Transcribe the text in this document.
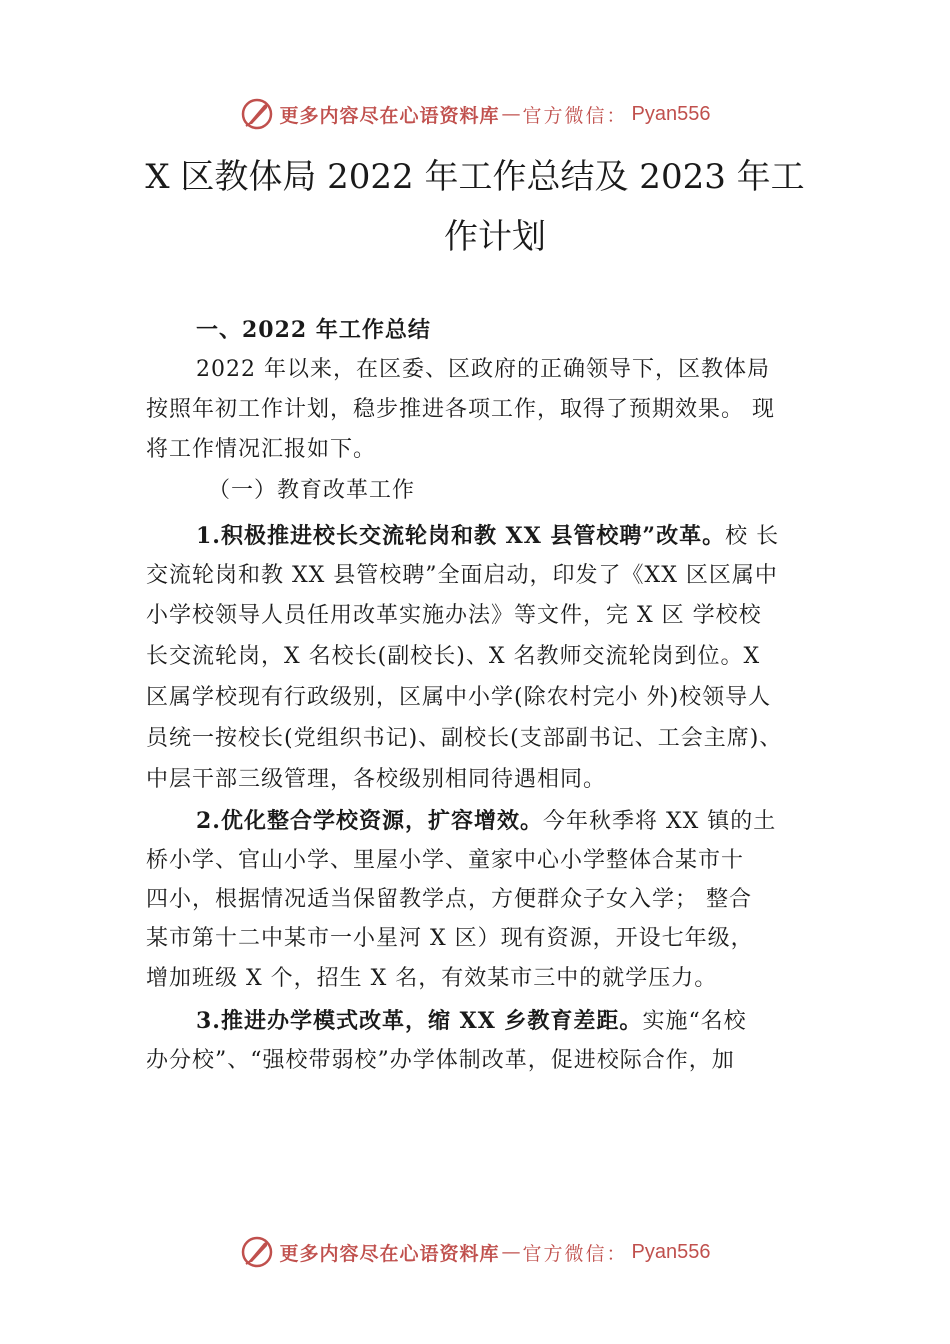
更多内容尽在心语资料库 — 官方微信： Pyan556
X 区教体局 2022 年工作总结及 2023 年工
作计划
一、2022 年工作总结
2022 年以来，在区委、区政府的正确领导下，区教体局
按照年初工作计划，稳步推进各项工作，取得了预期效果。 现
将工作情况汇报如下。
（一）教育改革工作
1.积极推进校长交流轮岗和教 XX 县管校聘”改革。校 长
交流轮岗和教 XX 县管校聘”全面启动，印发了《XX 区区属中
小学校领导人员任用改革实施办法》等文件，完 X 区 学校校
长交流轮岗，X 名校长(副校长)、X 名教师交流轮岗到位。X
区属学校现有行政级别，区属中小学(除农村完小 外)校领导人
员统一按校长(党组织书记)、副校长(支部副书记、工会主席)、
中层干部三级管理，各校级别相同待遇相同。
2.优化整合学校资源，扩容增效。今年秋季将 XX 镇的土
桥小学、官山小学、里屋小学、童家中心小学整体合某市十
四小，根据情况适当保留教学点，方便群众子女入学； 整合
某市第十二中某市一小星河 X 区）现有资源，开设七年级，
增加班级 X 个，招生 X 名，有效某市三中的就学压力。
3.推进办学模式改革，缩 XX 乡教育差距。实施“名校
办分校”、“强校带弱校”办学体制改革，促进校际合作，加
更多内容尽在心语资料库 — 官方微信： Pyan556
